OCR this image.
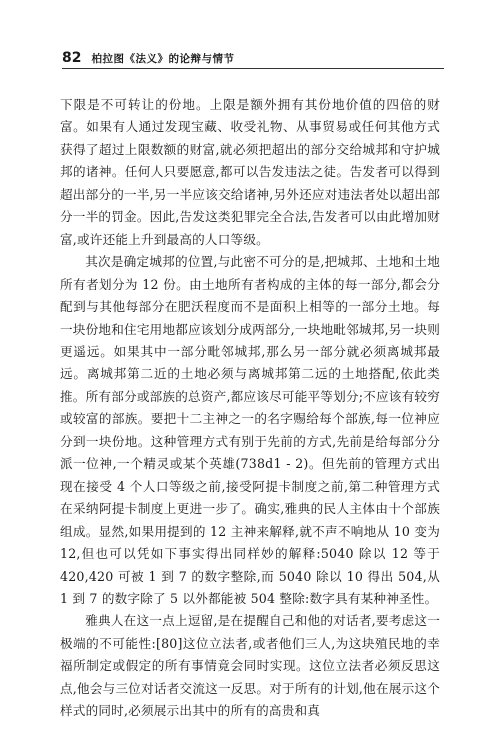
82 柏拉图《法义》的论辩与情节

下限是不可转让的份地。上限是额外拥有其份地价值的四倍的财富。如果有人通过发现宝藏、收受礼物、从事贸易或任何其他方式获得了超过上限数额的财富,就必须把超出的部分交给城邦和守护城邦的诸神。任何人只要愿意,都可以告发违法之徒。告发者可以得到超出部分的一半,另一半应该交给诸神,另外还应对违法者处以超出部分一半的罚金。因此,告发这类犯罪完全合法,告发者可以由此增加财富,或许还能上升到最高的人口等级。

其次是确定城邦的位置,与此密不可分的是,把城邦、土地和土地所有者划分为 12 份。由土地所有者构成的主体的每一部分,都会分配到与其他每部分在肥沃程度而不是面积上相等的一部分土地。每一块份地和住宅用地都应该划分成两部分,一块地毗邻城邦,另一块则更遥远。如果其中一部分毗邻城邦,那么另一部分就必须离城邦最远。离城邦第二近的土地必须与离城邦第二远的土地搭配,依此类推。所有部分或部族的总资产,都应该尽可能平等划分;不应该有较穷或较富的部族。要把十二主神之一的名字赐给每个部族,每一位神应分到一块份地。这种管理方式有别于先前的方式,先前是给每部分分派一位神,一个精灵或某个英雄(738d1 - 2)。但先前的管理方式出现在接受 4 个人口等级之前,接受阿提卡制度之前,第二种管理方式在采纳阿提卡制度上更进一步了。确实,雅典的民人主体由十个部族组成。显然,如果用提到的 12 主神来解释,就不声不响地从 10 变为 12,但也可以凭如下事实得出同样妙的解释:5040 除以 12 等于 420,420 可被 1 到 7 的数字整除,而 5040 除以 10 得出 504,从 1 到 7 的数字除了 5 以外都能被 504 整除:数字具有某种神圣性。

雅典人在这一点上逗留,是在提醒自己和他的对话者,要考虑这一极端的不可能性:[80]这位立法者,或者他们三人,为这块殖民地的幸福所制定或假定的所有事情竟会同时实现。这位立法者必须反思这点,他会与三位对话者交流这一反思。对于所有的计划,他在展示这个样式的同时,必须展示出其中的所有的高贵和真
